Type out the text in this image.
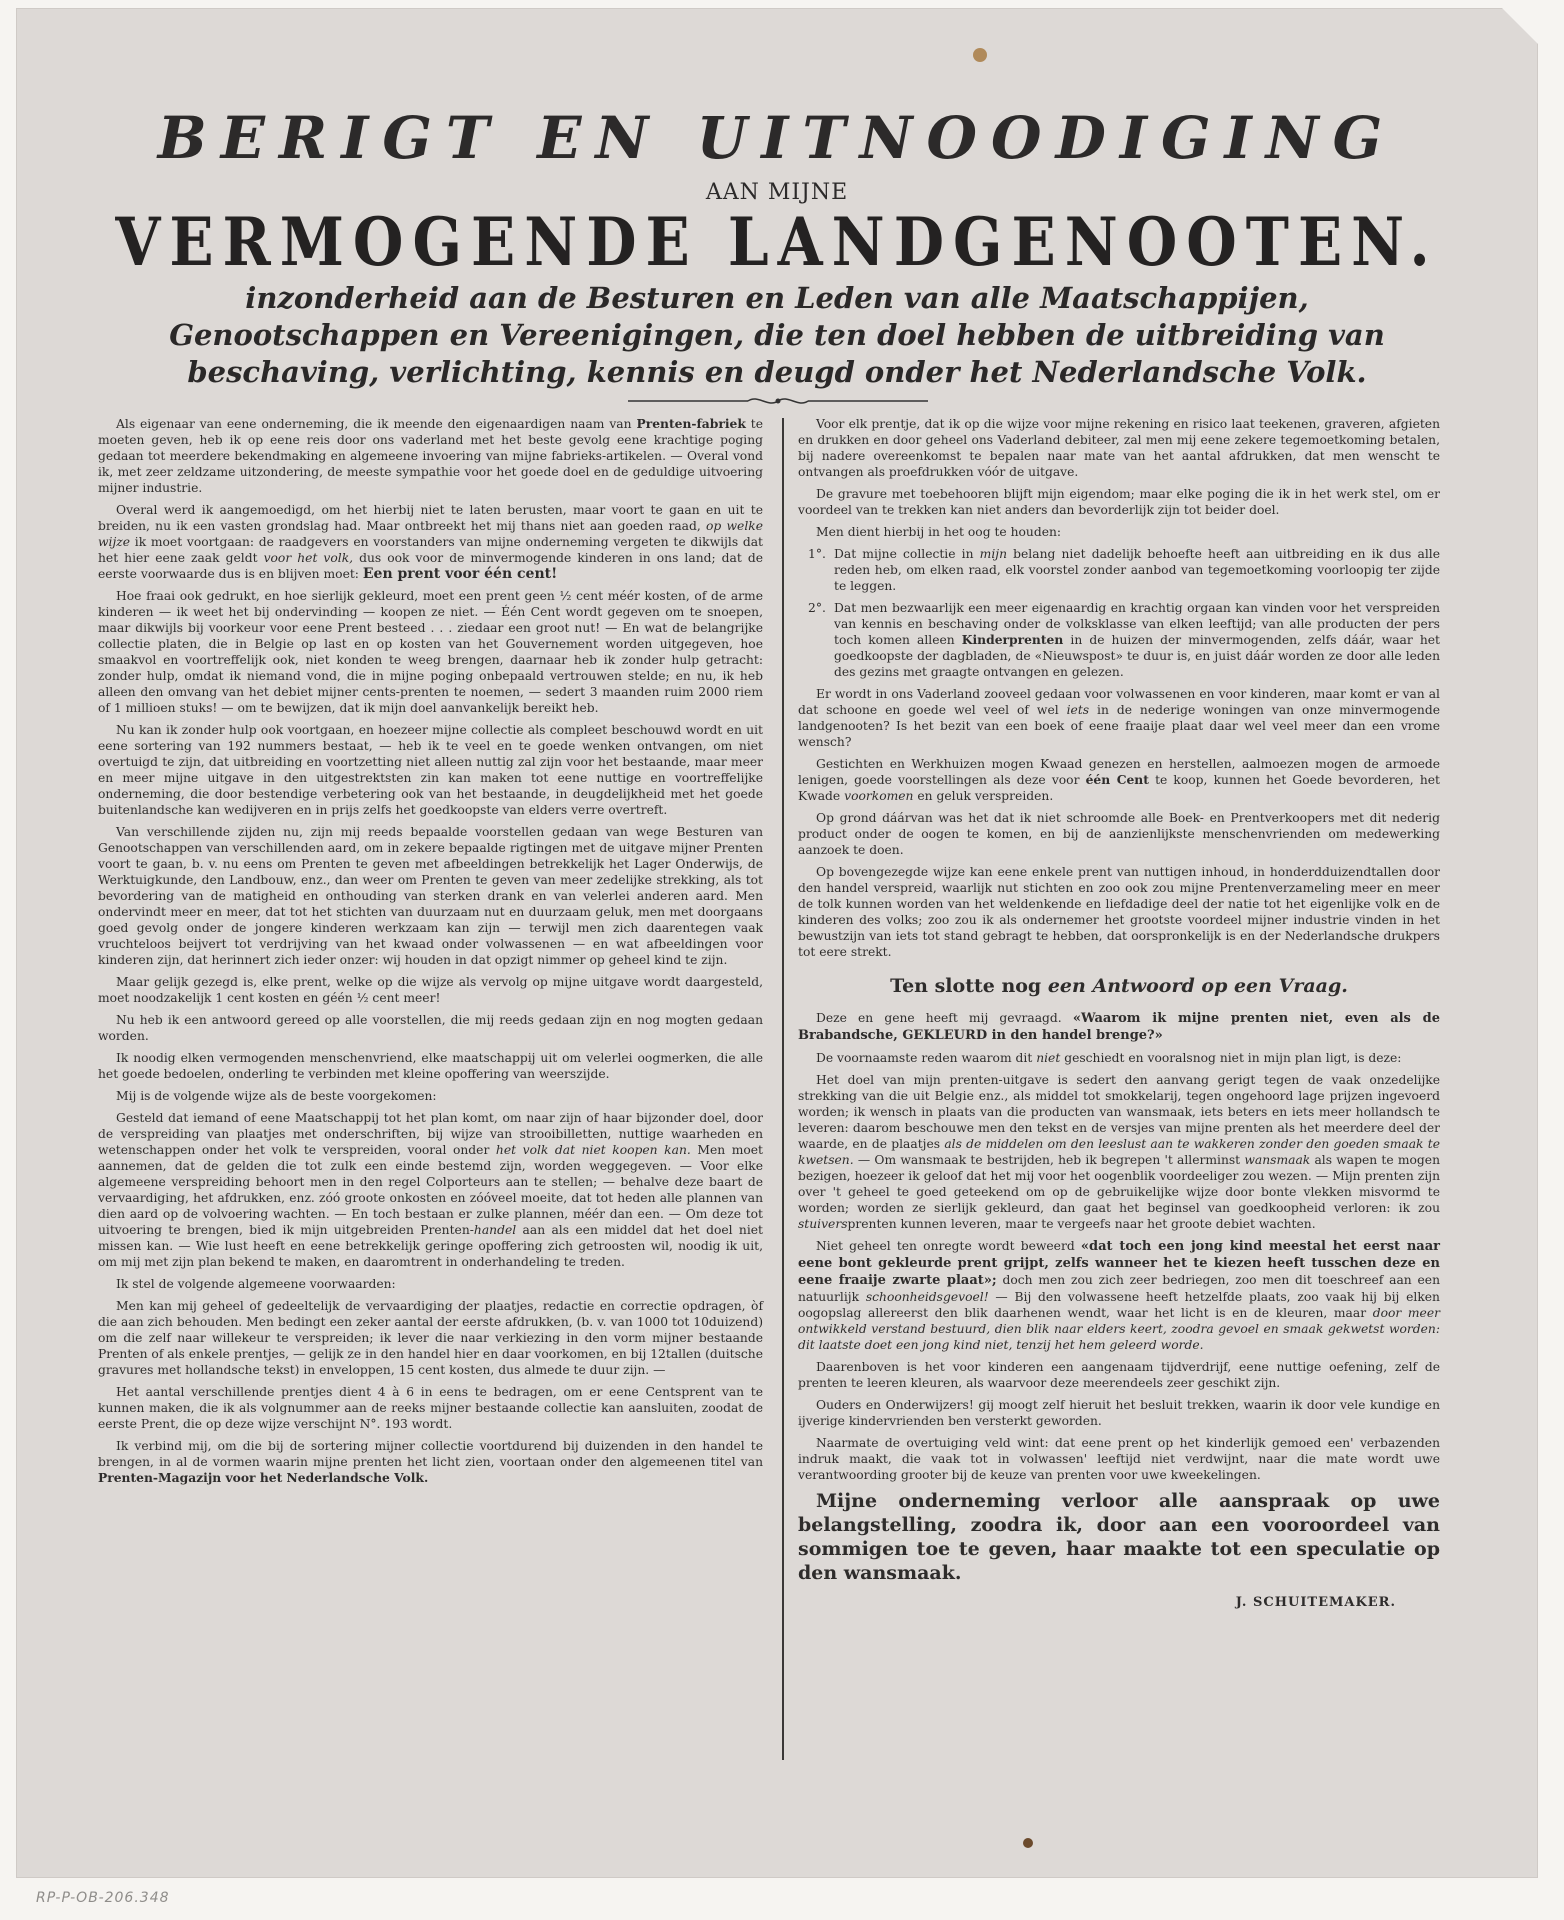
BERIGT EN UITNOODIGING
AAN MIJNE
VERMOGENDE LANDGENOOTEN.
inzonderheid aan de Besturen en Leden van alle Maatschappijen, Genootschappen en Vereenigingen, die ten doel hebben de uitbreiding van beschaving, verlichting, kennis en deugd onder het Nederlandsche Volk.

Als eigenaar van eene onderneming, die ik meende den eigenaardigen naam van Prenten-fabriek te moeten geven, heb ik op eene reis door ons vaderland met het beste gevolg eene krachtige poging gedaan tot meerdere bekendmaking en algemeene invoering van mijne fabrieks-artikelen. — Overal vond ik, met zeer zeldzame uitzondering, de meeste sympathie voor het goede doel en de geduldige uitvoering mijner industrie.

Overal werd ik aangemoedigd, om het hierbij niet te laten berusten, maar voort te gaan en uit te breiden, nu ik een vasten grondslag had. Maar ontbreekt het mij thans niet aan goeden raad, op welke wijze ik moet voortgaan: de raadgevers en voorstanders van mijne onderneming vergeten te dikwijls dat het hier eene zaak geldt voor het volk, dus ook voor de minvermogende kinderen in ons land; dat de eerste voorwaarde dus is en blijven moet: Een prent voor één cent!

Hoe fraai ook gedrukt, en hoe sierlijk gekleurd, moet een prent geen ½ cent méér kosten, of de arme kinderen — ik weet het bij ondervinding — koopen ze niet. — Één Cent wordt gegeven om te snoepen, maar dikwijls bij voorkeur voor eene Prent besteed . . . ziedaar een groot nut! — En wat de belangrijke collectie platen, die in Belgie op last en op kosten van het Gouvernement worden uitgegeven, hoe smaakvol en voortreffelijk ook, niet konden te weeg brengen, daarnaar heb ik zonder hulp getracht: zonder hulp, omdat ik niemand vond, die in mijne poging onbepaald vertrouwen stelde; en nu, ik heb alleen den omvang van het debiet mijner cents-prenten te noemen, — sedert 3 maanden ruim 2000 riem of 1 millioen stuks! — om te bewijzen, dat ik mijn doel aanvankelijk bereikt heb.

Nu kan ik zonder hulp ook voortgaan, en hoezeer mijne collectie als compleet beschouwd wordt en uit eene sortering van 192 nummers bestaat, — heb ik te veel en te goede wenken ontvangen, om niet overtuigd te zijn, dat uitbreiding en voortzetting niet alleen nuttig zal zijn voor het bestaande, maar meer en meer mijne uitgave in den uitgestrektsten zin kan maken tot eene nuttige en voortreffelijke onderneming, die door bestendige verbetering ook van het bestaande, in deugdelijkheid met het goede buitenlandsche kan wedijveren en in prijs zelfs het goedkoopste van elders verre overtreft.

Van verschillende zijden nu, zijn mij reeds bepaalde voorstellen gedaan van wege Besturen van Genootschappen van verschillenden aard, om in zekere bepaalde rigtingen met de uitgave mijner Prenten voort te gaan, b. v. nu eens om Prenten te geven met afbeeldingen betrekkelijk het Lager Onderwijs, de Werktuigkunde, den Landbouw, enz., dan weer om Prenten te geven van meer zedelijke strekking, als tot bevordering van de matigheid en onthouding van sterken drank en van velerlei anderen aard. Men ondervindt meer en meer, dat tot het stichten van duurzaam nut en duurzaam geluk, men met doorgaans goed gevolg onder de jongere kinderen werkzaam kan zijn — terwijl men zich daarentegen vaak vruchteloos beijvert tot verdrijving van het kwaad onder volwassenen — en wat afbeeldingen voor kinderen zijn, dat herinnert zich ieder onzer: wij houden in dat opzigt nimmer op geheel kind te zijn.

Maar gelijk gezegd is, elke prent, welke op die wijze als vervolg op mijne uitgave wordt daargesteld, moet noodzakelijk 1 cent kosten en géén ½ cent meer!

Nu heb ik een antwoord gereed op alle voorstellen, die mij reeds gedaan zijn en nog mogten gedaan worden.

Ik noodig elken vermogenden menschenvriend, elke maatschappij uit om velerlei oogmerken, die alle het goede bedoelen, onderling te verbinden met kleine opoffering van weerszijde.

Mij is de volgende wijze als de beste voorgekomen:

Gesteld dat iemand of eene Maatschappij tot het plan komt, om naar zijn of haar bijzonder doel, door de verspreiding van plaatjes met onderschriften, bij wijze van strooibilletten, nuttige waarheden en wetenschappen onder het volk te verspreiden, vooral onder het volk dat niet koopen kan. Men moet aannemen, dat de gelden die tot zulk een einde bestemd zijn, worden weggegeven. — Voor elke algemeene verspreiding behoort men in den regel Colporteurs aan te stellen; — behalve deze baart de vervaardiging, het afdrukken, enz. zóó groote onkosten en zóóveel moeite, dat tot heden alle plannen van dien aard op de volvoering wachten. — En toch bestaan er zulke plannen, méér dan een. — Om deze tot uitvoering te brengen, bied ik mijn uitgebreiden Prenten-handel aan als een middel dat het doel niet missen kan. — Wie lust heeft en eene betrekkelijk geringe opoffering zich getroosten wil, noodig ik uit, om mij met zijn plan bekend te maken, en daaromtrent in onderhandeling te treden.

Ik stel de volgende algemeene voorwaarden:

Men kan mij geheel of gedeeltelijk de vervaardiging der plaatjes, redactie en correctie opdragen, òf die aan zich behouden. Men bedingt een zeker aantal der eerste afdrukken, (b. v. van 1000 tot 10duizend) om die zelf naar willekeur te verspreiden; ik lever die naar verkiezing in den vorm mijner bestaande Prenten of als enkele prentjes, — gelijk ze in den handel hier en daar voorkomen, en bij 12tallen (duitsche gravures met hollandsche tekst) in enveloppen, 15 cent kosten, dus almede te duur zijn. —

Het aantal verschillende prentjes dient 4 à 6 in eens te bedragen, om er eene Centsprent van te kunnen maken, die ik als volgnummer aan de reeks mijner bestaande collectie kan aansluiten, zoodat de eerste Prent, die op deze wijze verschijnt N°. 193 wordt.

Ik verbind mij, om die bij de sortering mijner collectie voortdurend bij duizenden in den handel te brengen, in al de vormen waarin mijne prenten het licht zien, voortaan onder den algemeenen titel van Prenten-Magazijn voor het Nederlandsche Volk.

Voor elk prentje, dat ik op die wijze voor mijne rekening en risico laat teekenen, graveren, afgieten en drukken en door geheel ons Vaderland debiteer, zal men mij eene zekere tegemoetkoming betalen, bij nadere overeenkomst te bepalen naar mate van het aantal afdrukken, dat men wenscht te ontvangen als proefdrukken vóór de uitgave.

De gravure met toebehooren blijft mijn eigendom; maar elke poging die ik in het werk stel, om er voordeel van te trekken kan niet anders dan bevorderlijk zijn tot beider doel.

Men dient hierbij in het oog te houden:

1°. Dat mijne collectie in mijn belang niet dadelijk behoefte heeft aan uitbreiding en ik dus alle reden heb, om elken raad, elk voorstel zonder aanbod van tegemoetkoming voorloopig ter zijde te leggen.

2°. Dat men bezwaarlijk een meer eigenaardig en krachtig orgaan kan vinden voor het verspreiden van kennis en beschaving onder de volksklasse van elken leeftijd; van alle producten der pers toch komen alleen Kinderprenten in de huizen der minvermogenden, zelfs dáár, waar het goedkoopste der dagbladen, de «Nieuwspost» te duur is, en juist dáár worden ze door alle leden des gezins met graagte ontvangen en gelezen.

Er wordt in ons Vaderland zooveel gedaan voor volwassenen en voor kinderen, maar komt er van al dat schoone en goede wel veel of wel iets in de nederige woningen van onze minvermogende landgenooten? Is het bezit van een boek of eene fraaije plaat daar wel veel meer dan een vrome wensch?

Gestichten en Werkhuizen mogen Kwaad genezen en herstellen, aalmoezen mogen de armoede lenigen, goede voorstellingen als deze voor één Cent te koop, kunnen het Goede bevorderen, het Kwade voorkomen en geluk verspreiden.

Op grond dáárvan was het dat ik niet schroomde alle Boek- en Prentverkoopers met dit nederig product onder de oogen te komen, en bij de aanzienlijkste menschenvrienden om medewerking aanzoek te doen.

Op bovengezegde wijze kan eene enkele prent van nuttigen inhoud, in honderdduizendtallen door den handel verspreid, waarlijk nut stichten en zoo ook zou mijne Prentenverzameling meer en meer de tolk kunnen worden van het weldenkende en liefdadige deel der natie tot het eigenlijke volk en de kinderen des volks; zoo zou ik als ondernemer het grootste voordeel mijner industrie vinden in het bewustzijn van iets tot stand gebragt te hebben, dat oorspronkelijk is en der Nederlandsche drukpers tot eere strekt.

Ten slotte nog een Antwoord op een Vraag.

Deze en gene heeft mij gevraagd. «Waarom ik mijne prenten niet, even als de Brabandsche, GEKLEURD in den handel brenge?»

De voornaamste reden waarom dit niet geschiedt en vooralsnog niet in mijn plan ligt, is deze:

Het doel van mijn prenten-uitgave is sedert den aanvang gerigt tegen de vaak onzedelijke strekking van die uit Belgie enz., als middel tot smokkelarij, tegen ongehoord lage prijzen ingevoerd worden; ik wensch in plaats van die producten van wansmaak, iets beters en iets meer hollandsch te leveren: daarom beschouwe men den tekst en de versjes van mijne prenten als het meerdere deel der waarde, en de plaatjes als de middelen om den leeslust aan te wakkeren zonder den goeden smaak te kwetsen. — Om wansmaak te bestrijden, heb ik begrepen 't allerminst wansmaak als wapen te mogen bezigen, hoezeer ik geloof dat het mij voor het oogenblik voordeeliger zou wezen. — Mijn prenten zijn over 't geheel te goed geteekend om op de gebruikelijke wijze door bonte vlekken misvormd te worden; worden ze sierlijk gekleurd, dan gaat het beginsel van goedkoopheid verloren: ik zou stuiversprenten kunnen leveren, maar te vergeefs naar het groote debiet wachten.

Niet geheel ten onregte wordt beweerd «dat toch een jong kind meestal het eerst naar eene bont gekleurde prent grijpt, zelfs wanneer het te kiezen heeft tusschen deze en eene fraaije zwarte plaat»; doch men zou zich zeer bedriegen, zoo men dit toeschreef aan een natuurlijk schoonheidsgevoel! — Bij den volwassene heeft hetzelfde plaats, zoo vaak hij bij elken oogopslag allereerst den blik daarhenen wendt, waar het licht is en de kleuren, maar door meer ontwikkeld verstand bestuurd, dien blik naar elders keert, zoodra gevoel en smaak gekwetst worden: dit laatste doet een jong kind niet, tenzij het hem geleerd worde.

Daarenboven is het voor kinderen een aangenaam tijdverdrijf, eene nuttige oefening, zelf de prenten te leeren kleuren, als waarvoor deze meerendeels zeer geschikt zijn.

Ouders en Onderwijzers! gij moogt zelf hieruit het besluit trekken, waarin ik door vele kundige en ijverige kindervrienden ben versterkt geworden.

Naarmate de overtuiging veld wint: dat eene prent op het kinderlijk gemoed een' verbazenden indruk maakt, die vaak tot in volwassen' leeftijd niet verdwijnt, naar die mate wordt uwe verantwoording grooter bij de keuze van prenten voor uwe kweekelingen.

Mijne onderneming verloor alle aanspraak op uwe belangstelling, zoodra ik, door aan een vooroordeel van sommigen toe te geven, haar maakte tot een speculatie op den wansmaak.

J. SCHUITEMAKER.
RP-P-OB-206.348
